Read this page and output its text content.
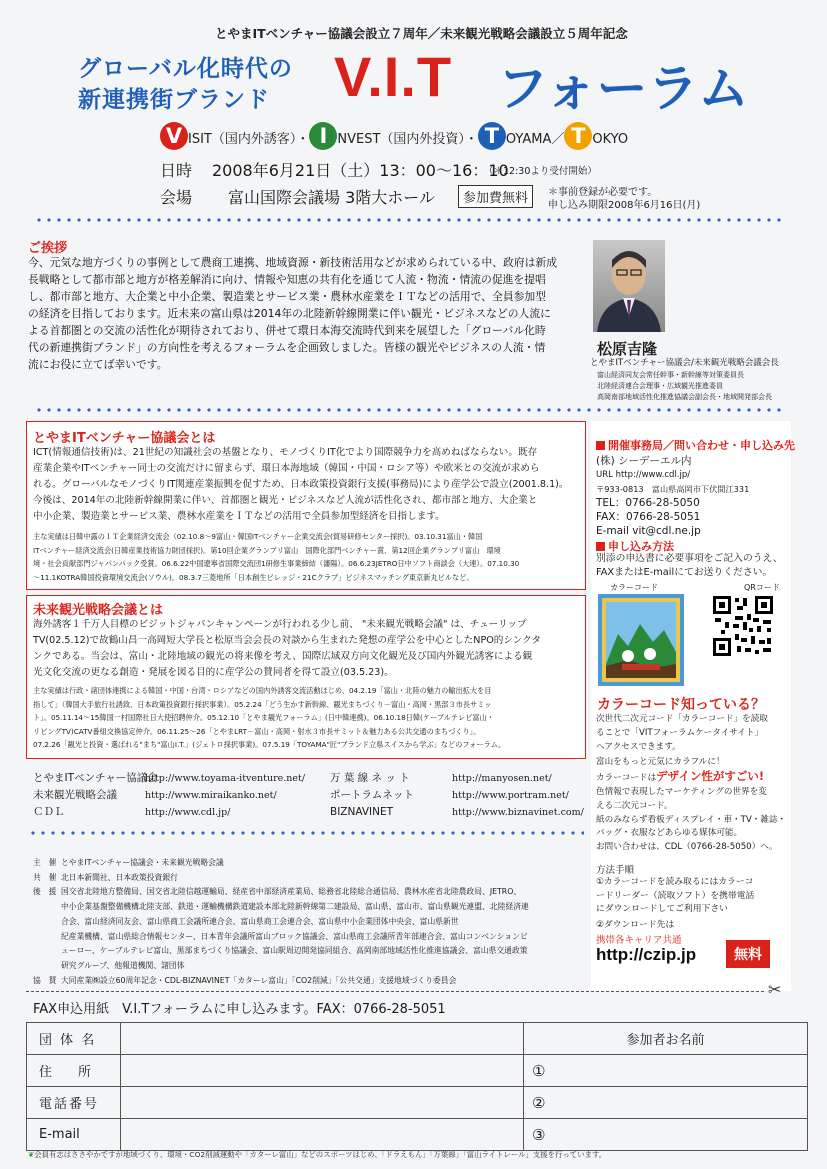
とやまITベンチャー協議会設立７周年／未来観光戦略会議設立５周年記念
グローバル化時代の
新連携街ブランド V.I.T フォーラム
V ISIT（国内外誘客）・ I NVEST（国内外投資）・ T OYAMA／ T OKYO
日時 2008年6月21日（土）13：00〜16：10
（＊12:30より受付開始）
会場 富山国際会議場 3階大ホール	参加費無料	＊事前登録が必要です。
申し込み期限2008年6月16日(月)
ご挨拶
今、元気な地方づくりの事例として農商工連携、地域資源・新技術活用などが求められている中、政府は新成
長戦略として都市部と地方が格差解消に向け、情報や知恵の共有化を通じて人流・物流・情流の促進を提唱
し、都市部と地方、大企業と中小企業、製造業とサービス業・農林水産業をＩＴなどの活用で、全員参加型
の経済を目指しております。近未来の富山県は2014年の北陸新幹線開業に伴い観光・ビジネスなどの人流に
よる首都圏との交流の活性化が期待されており、併せて環日本海交流時代到来を展望した「グローバル化時
代の新連携街ブランド」の方向性を考えるフォーラムを企画致しました。皆様の観光やビジネスの人流・情
流にお役に立てば幸いです。
松原吉隆
とやまITベンチャー協議会/未来観光戦略会議会長
富山経済同友会常任幹事・新幹線等対策委員長
北陸経済連合会理事・広域観光推進委員
高岡南部地域活性化推進協議会副会長・地域開発部会長
とやまITベンチャー協議会とは
ICT(情報通信技術)は、21世紀の知識社会の基盤となり、モノづくりIT化でより国際競争力を高めねばならない。既存
産業企業やITベンチャー同士の交流だけに留まらず、環日本海地域（韓国・中国・ロシア等）や欧米との交流が求めら
れる。グローバルなモノづくりIT関連産業振興を促すため、日本政策投資銀行支援(事務局)により産学公で設立(2001.8.1)。
今後は、2014年の北陸新幹線開業に伴い、首都圏と観光・ビジネスなど人流が活性化され、都市部と地方、大企業と
中小企業、製造業とサービス業、農林水産業をＩＴなどの活用で全員参加型経済を目指します。
主な実績は日韓中露のＩＴ企業経済交流会（02.10.8〜9富山・韓国ITベンチャー企業交流会(貿易研修センター採択)。03.10.31富山・韓国
ITベンチャー経済交流会(日韓産業技術協力財団採択)。第10回企業グランプリ富山　国際化部門ベンチャー賞、第12回企業グランプリ富山　環境
境・社会貢献部門ジャパンパック受賞。06.6.22中国遼寧省国際交流団1研修生事業締結（瀋陽）。06.6.23JETRO日中ソフト商談会（大連）。07.10.30
〜11.1KOTRA韓国投資環境交流会(ソウル)。08.3.7三菱地所「日本創生ビレッジ・21Cクラブ」ビジネスマッチング東京新丸ビルなど。
未来観光戦略会議とは
海外誘客１千万人目標のビジットジャパンキャンペーンが行われる少し前、 "未来観光戦略会議" は、チューリップ
TV(02.5.12)で故鶴山昌一高岡短大学長と松原当会会長の対談から生まれた発想の産学公を中心としたNPO的シンクタ
ンクである。当会は、富山・北陸地域の観光の将来像を考え、国際広域双方向文化観光及び国内外観光誘客による観
光文化交流の更なる創造・発展を図る目的に産学公の賛同者を得て設立(03.5.23)。
主な実績は行政・諸団体連携による韓国・中国・台湾・ロシアなどの国内外誘客交流活動ほじめ、04.2.19「富山・北陸の魅力の輸出拡大を目
指して」（韓国大手旅行社誘致、日本政策投資銀行採択事業）。05.2.24「どう生かす新幹線、観光まちづくり－富山・高岡・黒部３市長サミッ
ト」。05.11.14〜15韓国一村国際社日大使招聘仲介。05.12.10「とやま観光フォーラム」(日中韓連携)。06.10.18日韓(ケーブルテレビ富山・
リビングTV)CATV番組交換協定仲介。06.11.25〜26「とやまLRT－富山・高岡・射水３市長サミット＆魅力ある公共交通のまちづくり」。
07.2.26「観光と投資・選ばれる"まち"富山I.T.」(ジェトロ採択事業)。07.5.19「TOYAMA"匠"ブランド立県スイスから学ぶ」などのフォーラム。
とやまITベンチャー協議会http://www.toyama-itventure.net/
未来観光戦略会議	http://www.miraikanko.net/
ＣＤＬ	http://www.cdl.jp/
万 葉 線 ネ ッ ト	http://manyosen.net/
ポートラムネット	http://www.portram.net/
BIZNAVINET	http://www.biznavinet.com/
主　催 とやまITベンチャー協議会・未来観光戦略会議
共　催 北日本新聞社、日本政策投資銀行
後　援 国交省北陸地方整備局、国交省北陸信越運輸局、経産省中部経済産業局、総務省北陸総合通信局、農林水産省北陸農政局、JETRO、
中小企業基盤整備機構北陸支部、鉄道・運輸機構鉄道建設本部北陸新幹線第二建設局、富山県、富山市、富山県観光連盟、北陸経済連
合会、富山経済同友会、富山県商工会議所連合会、富山県商工会連合会、富山県中小企業団体中央会、富山県新世
紀産業機構、富山県総合情報センター、日本青年会議所富山ブロック協議会、富山県商工会議所青年部連合会、富山コンベンションビ
ューロー、ケーブルテレビ富山、黒部まちづくり協議会、富山駅周辺開発協同組合、高岡南部地域活性化推進協議会、富山県交通政策
研究グループ、他報道機関、諸団体
協　賛 大同産業㈱設立60周年記念・CDL-BIZNAVINET「カターレ富山」「CO2削減」「公共交通」支援地域づくり委員会
開催事務局／問い合わせ・申し込み先
(株) シーデーエル内
URL http://www.cdl.jp/
〒933-0813　富山県高岡市下伏間江331
TEL：0766-28-5050
FAX：0766-28-5051
E-mail vit@cdl.ne.jp
申し込み方法
別添の申込書に必要事項をご記入のうえ、
FAXまたはE-mailにてお送りください。
カラーコード	QRコード
カラーコード知っている？
次世代二次元コード「カラーコード」を読取
ることで「VITフォーラムケータイサイト」
へアクセスできます。
富山をもっと元気にカラフルに！
カラーコードはデザイン性がすごい!
色情報で表現したマーケティングの世界を変
える二次元コード。
紙のみならず看板ディスプレイ・車・TV・雑誌・
バッグ・衣服などあらゆる媒体可能。
お問い合わせは、CDL（0766-28-5050）へ。
方法手順
①カラーコードを読み取るにはカラーコ
ードリーダー（読取ソフト）を携帯電話
にダウンロードしてご利用下さい
②ダウンロード先は
携帯各キャリア共通
http://czip.jp	無料
✂
FAX申込用紙　V.I.Tフォーラムに申し込みます。FAX：0766-28-5051
団 体 名		参加者お名前
住　　所		①
電話番号		②
E-mail		③
❦会員有志はささやかですが地域づくり、環境・CO2削減運動や「カターレ富山」などのスポーツはじめ、「ドラえもん」「万葉線」「富山ライトレール」支援を行っています。
